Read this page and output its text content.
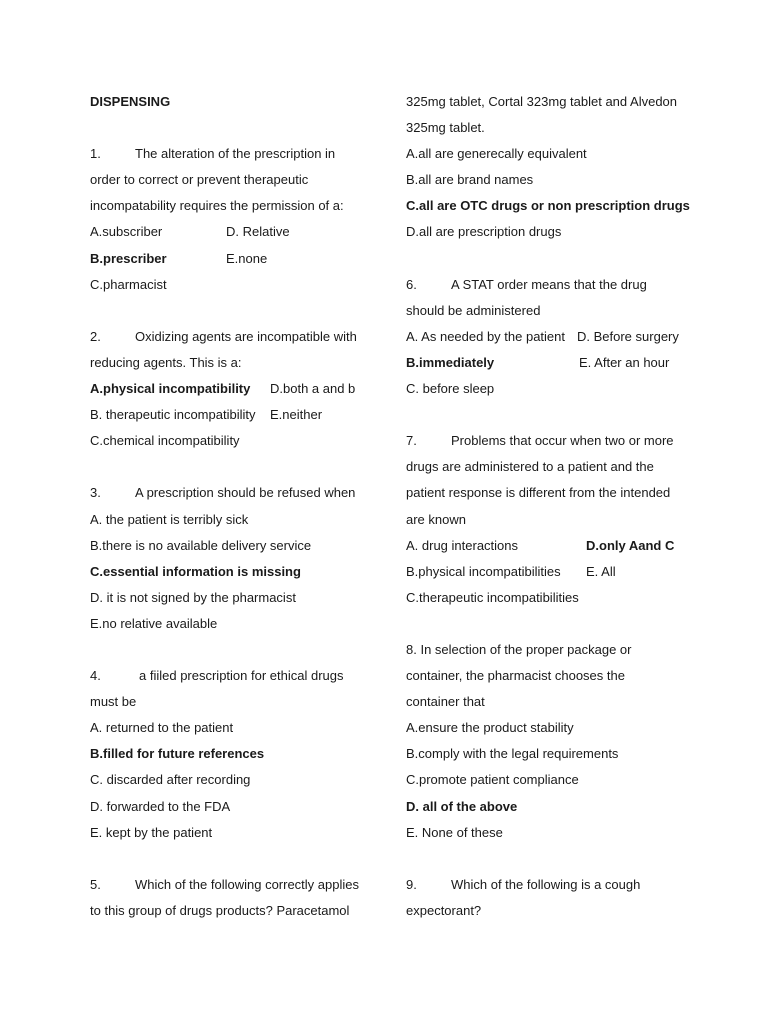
DISPENSING
1.	The alteration of the prescription in
order to correct or prevent therapeutic
incompatability requires the permission of a:
A.subscriber	D. Relative
B.prescriber	E.none
C.pharmacist
2.	Oxidizing agents are incompatible with
reducing agents. This is a:
A.physical incompatibility D.both a and b
B. therapeutic incompatibility E.neither
C.chemical incompatibility
3.	A prescription should be refused when
A. the patient is terribly sick
B.there is no available delivery service
C.essential information is missing
D. it is not signed by the pharmacist
E.no relative available
4.	a fiiled prescription for ethical drugs
must be
A. returned to the patient
B.filled for future references
C. discarded after recording
D. forwarded to the FDA
E. kept by the patient
5.	Which of the following correctly applies
to this group of drugs products? Paracetamol
325mg tablet, Cortal 323mg tablet and Alvedon
325mg tablet.
A.all are generecally equivalent
B.all are brand names
C.all are OTC drugs or non prescription drugs
D.all are prescription drugs
6.	A STAT order means that the drug
should be administered
A. As needed by the patient D. Before surgery
B.immediately	E. After an hour
C. before sleep
7.	Problems that occur when two or more
drugs are administered to a patient and the
patient response is different from the intended
are known
A. drug interactions	D.only Aand C
B.physical incompatibilities E. All
C.therapeutic incompatibilities
8. In selection of the proper package or
container, the pharmacist chooses the
container that
A.ensure the product stability
B.comply with the legal requirements
C.promote patient compliance
D. all of the above
E. None of these
9.	Which of the following is a cough
expectorant?
